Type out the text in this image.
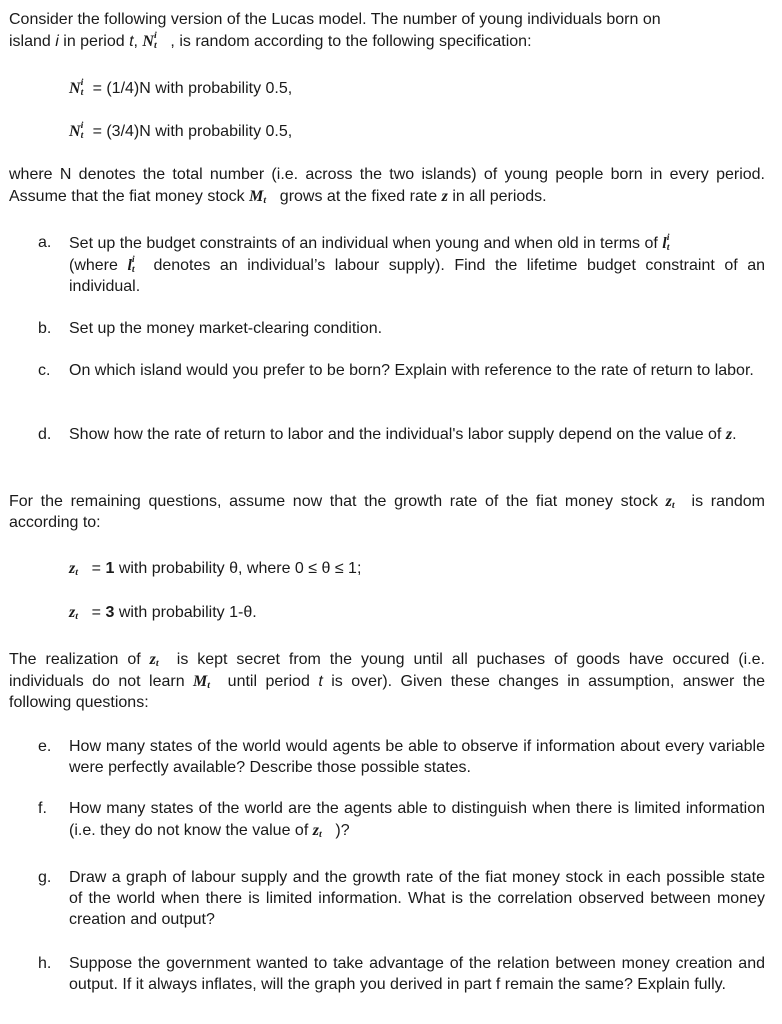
Consider the following version of the Lucas model. The number of young individuals born on
island i in period t, N i
t , is random according to the following specification:

N i
t = (1/4)N with probability 0.5,

N i
t = (3/4)N with probability 0.5,

where N denotes the total number (i.e. across the two islands) of young people born in every period. Assume that the fiat money stock M t grows at the fixed rate z in all periods.

a.	Set up the budget constraints of an individual when young and when old in terms of l i
t

(where l i
t denotes an individual’s labour supply). Find the lifetime budget constraint of an individual.
b.	Set up the money market-clearing condition.
c.	On which island would you prefer to be born? Explain with reference to the rate of return to labor.
d.	Show how the rate of return to labor and the individual's labor supply depend on the value of z.

For the remaining questions, assume now that the growth rate of the fiat money stock z t is random according to:

z t = 1 with probability θ, where 0 ≤ θ ≤ 1;

z t = 3 with probability 1-θ.

The realization of z t is kept secret from the young until all puchases of goods have occured (i.e. individuals do not learn M t until period t is over). Given these changes in assumption, answer the following questions:

e.	How many states of the world would agents be able to observe if information about every variable were perfectly available? Describe those possible states.
f.	How many states of the world are the agents able to distinguish when there is limited information (i.e. they do not know the value of z t )?
g.	Draw a graph of labour supply and the growth rate of the fiat money stock in each possible state of the world when there is limited information. What is the correlation observed between money creation and output?
h.	Suppose the government wanted to take advantage of the relation between money creation and output. If it always inflates, will the graph you derived in part f remain the same? Explain fully.
